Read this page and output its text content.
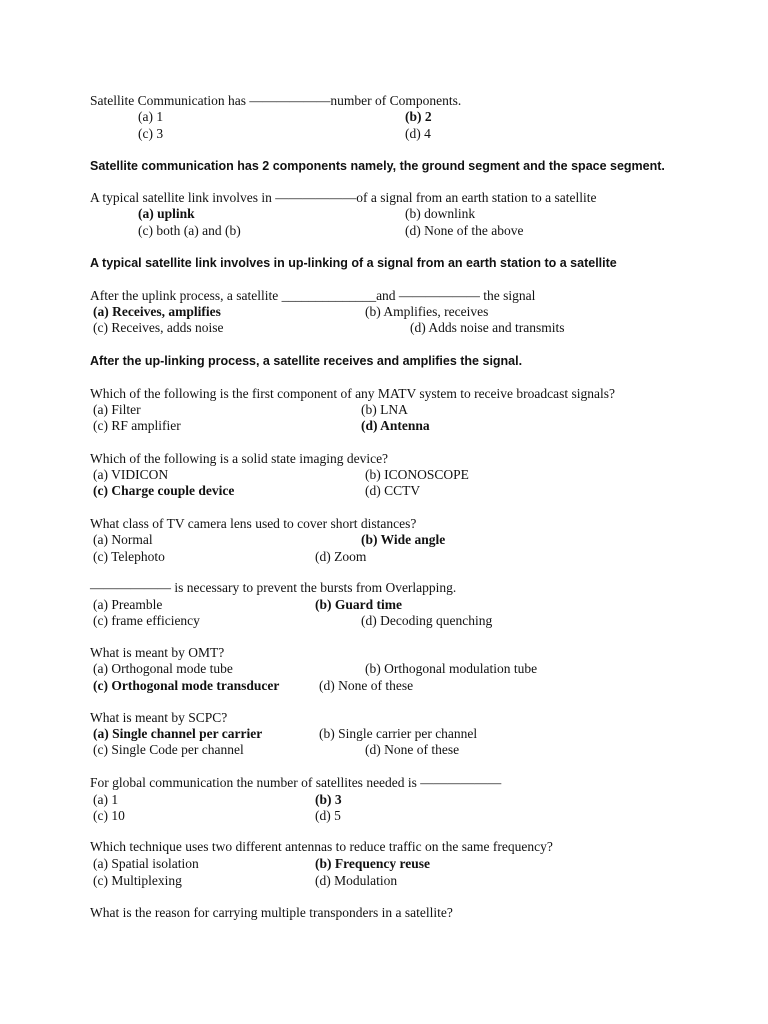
Satellite Communication has ——————number of Components.
(a) 1	(b) 2
(c) 3	(d) 4
Satellite communication has 2 components namely, the ground segment and the space segment.
A typical satellite link involves in ——————of a signal from an earth station to a satellite
(a) uplink	(b) downlink
(c) both (a) and (b)	(d) None of the above
A typical satellite link involves in up-linking of a signal from an earth station to a satellite
After the uplink process, a satellite ______________and —————— the signal
(a) Receives, amplifies	(b) Amplifies, receives
(c) Receives, adds noise	(d) Adds noise and transmits
After the up-linking process, a satellite receives and amplifies the signal.
Which of the following is the first component of any MATV system to receive broadcast signals?
(a) Filter	(b) LNA
(c) RF amplifier	(d) Antenna
Which of the following is a solid state imaging device?
(a) VIDICON	(b) ICONOSCOPE
(c) Charge couple device	(d) CCTV
What class of TV camera lens used to cover short distances?
(a) Normal	(b) Wide angle
(c) Telephoto	(d) Zoom
—————— is necessary to prevent the bursts from Overlapping.
(a) Preamble	(b) Guard time
(c) frame efficiency	(d) Decoding quenching
What is meant by OMT?
(a) Orthogonal mode tube	(b) Orthogonal modulation tube
(c) Orthogonal mode transducer	(d) None of these
What is meant by SCPC?
(a) Single channel per carrier	(b) Single carrier per channel
(c) Single Code per channel	(d) None of these
For global communication the number of satellites needed is ——————
(a) 1	(b) 3
(c) 10	(d) 5
Which technique uses two different antennas to reduce traffic on the same frequency?
(a) Spatial isolation	(b) Frequency reuse
(c) Multiplexing	(d) Modulation
What is the reason for carrying multiple transponders in a satellite?
